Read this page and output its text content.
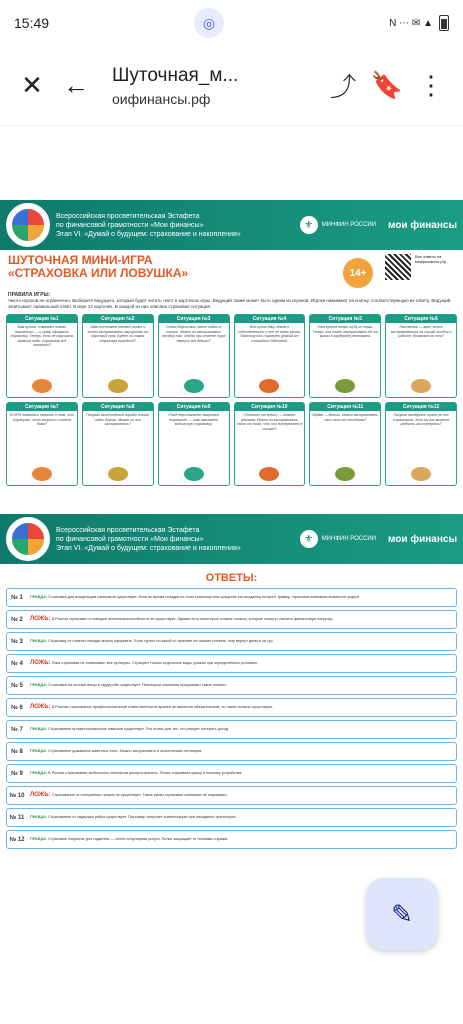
15:49	◎	N ⋯ ✉ ▲
✕ ←	Шуточная_м...
оифинансы.рф	⤴ 🔖 ⋮
Всероссийская просветительская Эстафета
по финансовой грамотности «Мои финансы»
Этап VI. «Думай о будущем: страхование и накопления»
⚜	МИНФИН РОССИИ мои финансы
ШУТОЧНАЯ МИНИ-ИГРА
«СТРАХОВКА ИЛИ ЛОВУШКА»	14+
Все ответы на моифинансы.рф
ПРАВИЛА ИГРЫ:
Число игроков не ограничено. Выберите ведущего, который будет читать текст в карточках игры. Ведущий также может быть одним из игроков. Игроки нажимают на кнопку, соответствующую их ответу. Ведущий зачитывает правильный ответ. В игре 12 карточек. В каждой из них описана страховая ситуация.
Ситуация №1
Вам купили «самокат нового поколения» — и сразу оформили страховку. Теперь, если не нарушать правила езды, страховая всё оплатит?
Ситуация №2
Иван постоянно меняет жилье и хочет застраховать имущество на короткий срок. Будет ли такая страховка выгодной?
Ситуация №3
Семья Морозовых часто ездит в отпуск. Можно ли застраховать поездку так, чтобы при отмене тура вернули все деньги?
Ситуация №4
Всю купил дачу, земля в собственности у неё не очень много. Поэтому она страхует урожай от стихийных бедствий.
Ситуация №5
Тоня купила новую шубу из норки. Теперь она хочет застраховать её от кражи в гардеробе ресторана.
Ситуация №6
Настенька — врач, хочет застраховаться на случай ошибок в работе. Возможно ли это?
Ситуация №7
В ОРИ появилась новость о том, что страхуют, есть вопросы о полисе дома?
Ситуация №8
Попугай экзотической породы стоит очень дорого. Можно ли его застраховать?
Ситуация №9
«Твоё персональное защитное покрытие» — так называют мобильную страховку.
Ситуация №10
«Успешно от всего» — гласит реклама. Можно ли застраховать носки от того, что они потеряются в стирке?
Ситуация №11
Время — деньги. Можно застраховать свои часы от опоздания?
Ситуация №12
Покупка телефона: нужно ли его страховать, если вы его можете разбить или потерять?
Всероссийская просветительская Эстафета
по финансовой грамотности «Мои финансы»
Этап VI. «Думай о будущем: страхование и накопления»
⚜	МИНФИН РОССИИ мои финансы
ОТВЕТЫ:
№ 1	ПРАВДА: Страховка для владельцев самокатов существует. Если во время поездки на этом транспортном средстве его владелец получит травму, страховая компания возместит ущерб.
№ 2	ЛОЖЬ: В России страховки от поводов неплатежеспособности не существует. Однако есть некоторые схожие полисы, которые помогут снизить финансовую нагрузку.
№ 3	ПРАВДА: Страховку от отмены поездки можно оформить. Если турист по какой-то причине не сможет поехать, ему вернут деньги за тур.
№ 4	ЛОЖЬ: Пока страховая не охватывает все культуры. Страхуют только отдельные виды урожая при определённых условиях.
№ 5	ПРАВДА: Страховка на личные вещи в гардеробе существует. Некоторые компании предлагают такие полисы.
№ 6	ЛОЖЬ: В Россию страхование профессиональной ответственности врачей не является обязательным, но такие полисы существуют.
№ 7	ПРАВДА: Страхование профессиональных навыков существует. Это полис для тех, кто рискует потерять доход.
№ 8	ПРАВДА: Страхование домашних животных есть. Можно застраховать и экзотических питомцев.
№ 9	ПРАВДА: В России страхование мобильного телефона распространено. Полис покрывает кражу и поломку устройства.
№ 10 ЛОЖЬ: Страхование от потерянных носков не существует. Такие риски страховые компании не покрывают.
№ 11	ПРАВДА: Страхование от задержки рейса существует. Пассажир получает компенсацию при опоздании транспорта.
№ 12	ПРАВДА: Страховое покрытие для гаджетов — очень популярная услуга. Полис защищает от поломки и кражи.
✎
